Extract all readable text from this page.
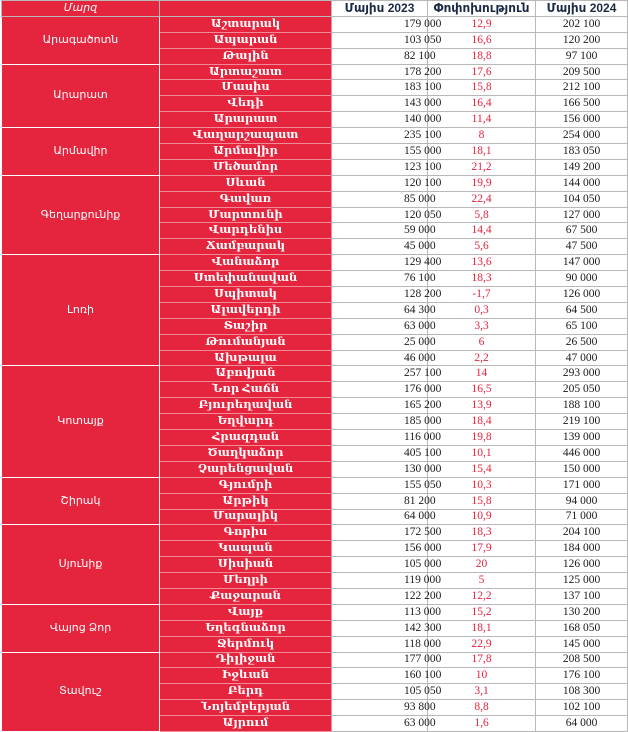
Մարզ		Մայիս 2023	Փոփոխություն	Մայիս 2024
Արագածոտն	Աշտարակ	179 000	12,9	202 100
	Ապարան	103 050	16,6	120 200
	Թալին	82 100	18,8	97 100
Արարատ	Արտաշատ	178 200	17,6	209 500
	Մասիս	183 100	15,8	212 100
	Վեդի	143 000	16,4	166 500
	Արարատ	140 000	11,4	156 000
Արմավիր	Վաղարշապատ	235 100	8	254 000
	Արմավիր	155 000	18,1	183 050
	Մեծամոր	123 100	21,2	149 200
Գեղարքունիք	Սևան	120 100	19,9	144 000
	Գավառ	85 000	22,4	104 050
	Մարտունի	120 050	5,8	127 000
	Վարդենիս	59 000	14,4	67 500
	Ճամբարակ	45 000	5,6	47 500
Լոռի	Վանաձոր	129 400	13,6	147 000
	Ստեփանավան	76 100	18,3	90 000
	Սպիտակ	128 200	-1,7	126 000
	Ալավերդի	64 300	0,3	64 500
	Տաշիր	63 000	3,3	65 100
	Թումանյան	25 000	6	26 500
	Ախթալա	46 000	2,2	47 000
Կոտայք	Աբովյան	257 100	14	293 000
	Նոր Հաճն	176 000	16,5	205 050
	Բյուրեղավան	165 200	13,9	188 100
	Եղվարդ	185 000	18,4	219 100
	Հրազդան	116 000	19,8	139 000
	Ծաղկաձոր	405 100	10,1	446 000
	Չարենցավան	130 000	15,4	150 000
Շիրակ	Գյումրի	155 050	10,3	171 000
	Արթիկ	81 200	15,8	94 000
	Մարալիկ	64 000	10,9	71 000
Սյունիք	Գորիս	172 500	18,3	204 100
	Կապան	156 000	17,9	184 000
	Սիսիան	105 000	20	126 000
	Մեղրի	119 000	5	125 000
	Քաջարան	122 200	12,2	137 100
Վայոց Ձոր	Վայք	113 000	15,2	130 200
	Եղեգնաձոր	142 300	18,1	168 050
	Ջերմուկ	118 000	22,9	145 000
Տավուշ	Դիլիջան	177 000	17,8	208 500
	Իջևան	160 100	10	176 100
	Բերդ	105 050	3,1	108 300
	Նոյեմբերյան	93 800	8,8	102 100
	Այրում	63 000	1,6	64 000
